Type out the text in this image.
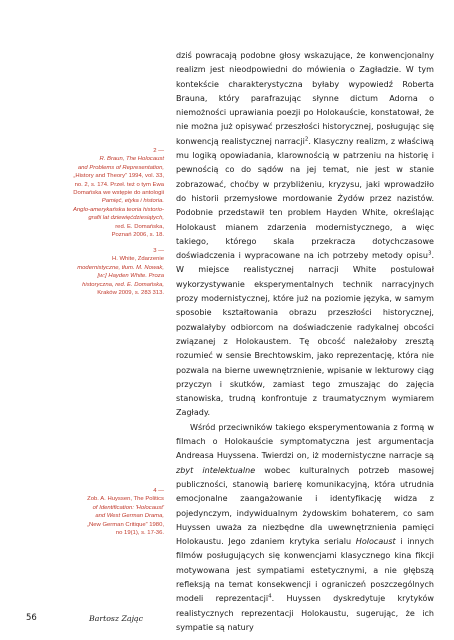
dziś powracają podobne głosy wskazujące, że konwencjonalny realizm jest nieodpowiedni do mówienia o Zagładzie. W tym kontekście charakterystyczna byłaby wypowiedź Roberta Brauna, który parafrazując słynne dictum Adorna o niemożności uprawiania poezji po Holokauście, konstatował, że nie można już opisywać przeszłości historycznej, posługując się konwencją realistycznej narracji$^2$. Klasyczny realizm, z właściwą mu logiką opowiadania, klarownością w patrzeniu na historię i pewnością co do sądów na jej temat, nie jest w stanie zobrazować, choćby w przybliżeniu, kryzysu, jaki wprowadziło do historii przemysłowe mordowanie Żydów przez nazistów. Podobnie przedstawił ten problem Hayden White, określając Holokaust mianem zdarzenia modernistycznego, a więc takiego, którego skala przekracza dotychczasowe doświadczenia i wypracowane na ich potrzeby metody opisu$^3$. W miejsce realistycznej narracji White postulował wykorzystywanie eksperymentalnych technik narracyjnych prozy modernistycznej, które już na poziomie języka, w samym sposobie kształtowania obrazu przeszłości historycznej, pozwalałyby odbiorcom na doświadczenie radykalnej obcości związanej z Holokaustem. Tę obcość należałoby zresztą rozumieć w sensie Brechtowskim, jako reprezentację, która nie pozwala na bierne uwewnętrznienie, wpisanie w lekturowy ciąg przyczyn i skutków, zamiast tego zmuszając do zajęcia stanowiska, trudną konfrontuje z traumatycznym wymiarem Zagłady.

Wśród przeciwników takiego eksperymentowania z formą w filmach o Holokauście symptomatyczna jest argumentacja Andreasa Huyssena. Twierdzi on, iż modernistyczne narracje są zbyt intelektualne wobec kulturalnych potrzeb masowej publiczności, stanowią barierę komunikacyjną, która utrudnia emocjonalne zaangażowanie i identyfikację widza z pojedynczym, indywidualnym żydowskim bohaterem, co sam Huyssen uważa za niezbędne dla uwewnętrznienia pamięci Holokaustu. Jego zdaniem krytyka serialu Holocaust i innych filmów posługujących się konwencjami klasycznego kina fikcji motywowana jest sympatiami estetycznymi, a nie głębszą refleksją na temat konsekwencji i ograniczeń poszczególnych modeli reprezentacji$^4$. Huyssen dyskredytuje krytyków realistycznych reprezentacji Holokaustu, sugerując, że ich sympatie są natury

2 —
R. Braun, The Holocaust
and Problems of Representation,
„History and Theory” 1994, vol. 33,
no. 2, s. 174. Przeł. też o tym Ewa
Domańska we wstępie do antologii
Pamięć, etyka i historia.
Anglo-amerykańska teoria historio-
grafii lat dziewięćdziesiątych,
red. E. Domańska,
Poznań 2006, s. 18.
3 —
H. White, Zdarzenie
modernistyczne, tłum. M. Nowak,
[w:] Hayden White. Proza
historyczna, red. E. Domańska,
Kraków 2009, s. 283 313.
4 —
Zob. A. Huyssen, The Politics
of Identification: 'Holocaust'
and West German Drama,
„New German Critique” 1980,
no 19(1), s. 17-36.
56	Bartosz Zając
